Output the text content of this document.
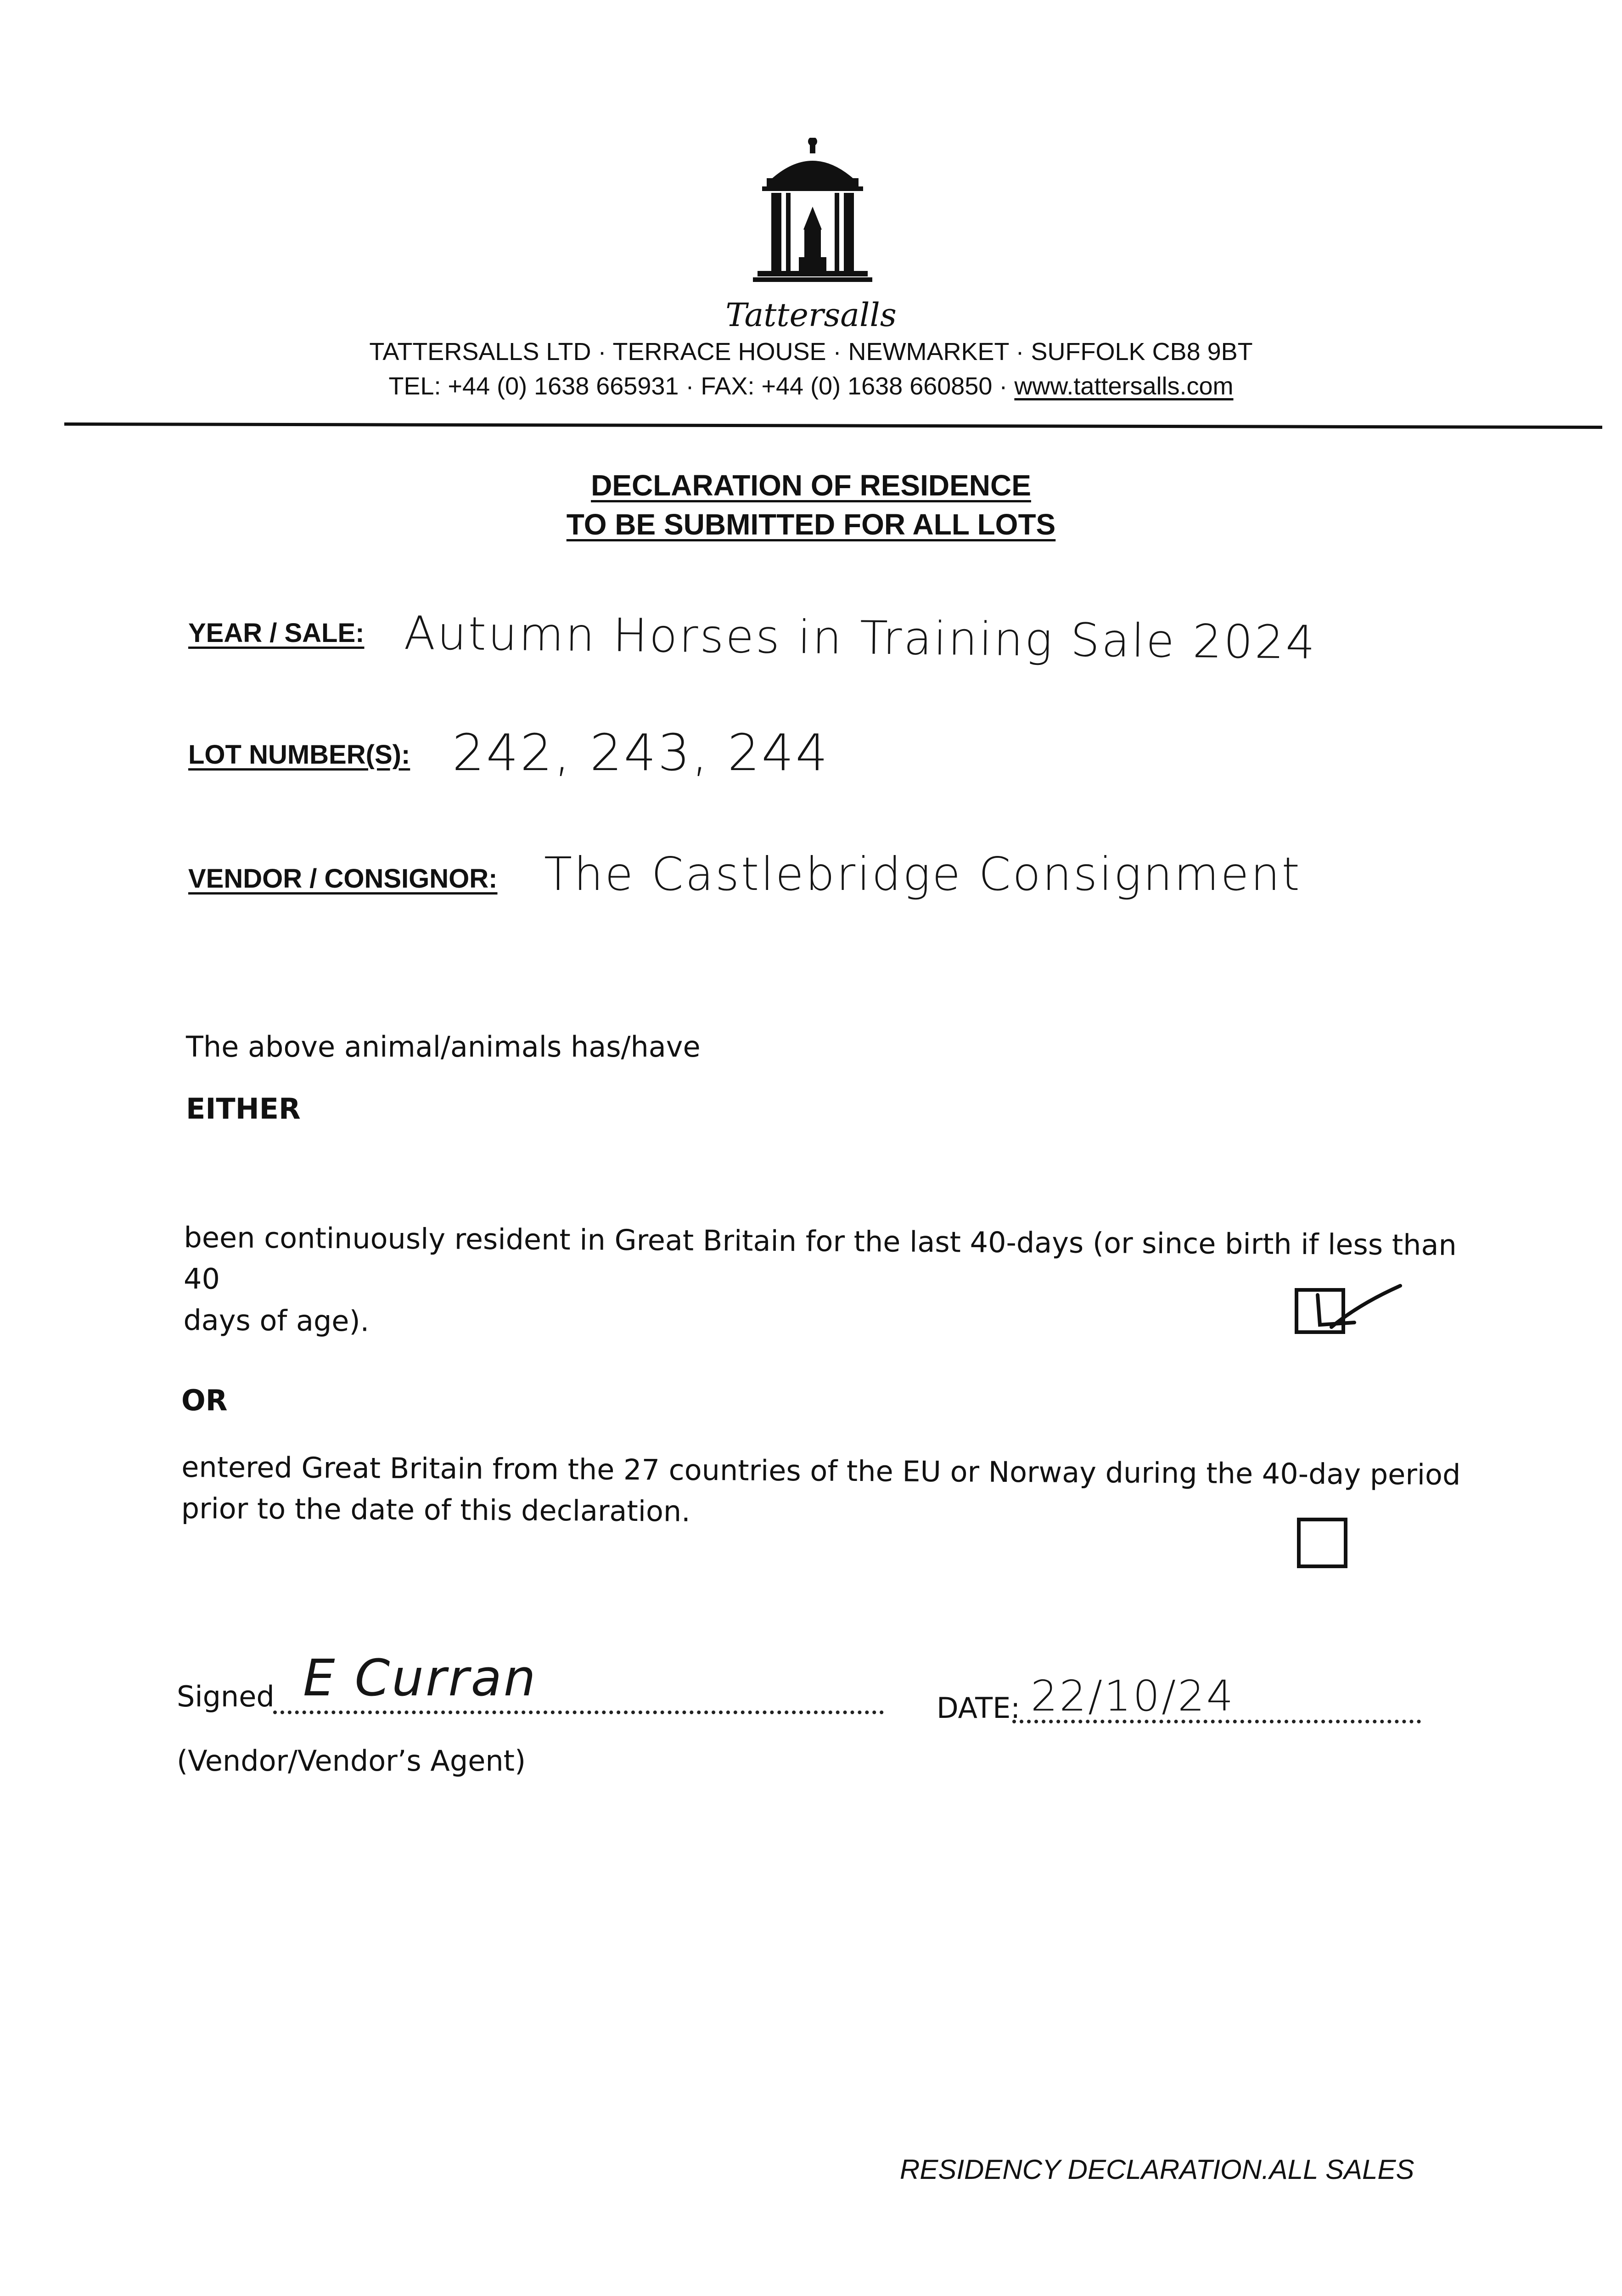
Tattersalls
TATTERSALLS LTD · TERRACE HOUSE · NEWMARKET · SUFFOLK CB8 9BT
TEL: +44 (0) 1638 665931 · FAX: +44 (0) 1638 660850 · www.tattersalls.com
DECLARATION OF RESIDENCE
TO BE SUBMITTED FOR ALL LOTS
YEAR / SALE: Autumn Horses in Training Sale 2024
LOT NUMBER(S): 242, 243, 244
VENDOR / CONSIGNOR: The Castlebridge Consignment
The above animal/animals has/have
EITHER
been continuously resident in Great Britain for the last 40-days (or since birth if less than 40
days of age).
OR
entered Great Britain from the 27 countries of the EU or Norway during the 40-day period
prior to the date of this declaration.
Signed E Curran
DATE: 22/10/24
(Vendor/Vendor’s Agent)
RESIDENCY DECLARATION.ALL SALES
